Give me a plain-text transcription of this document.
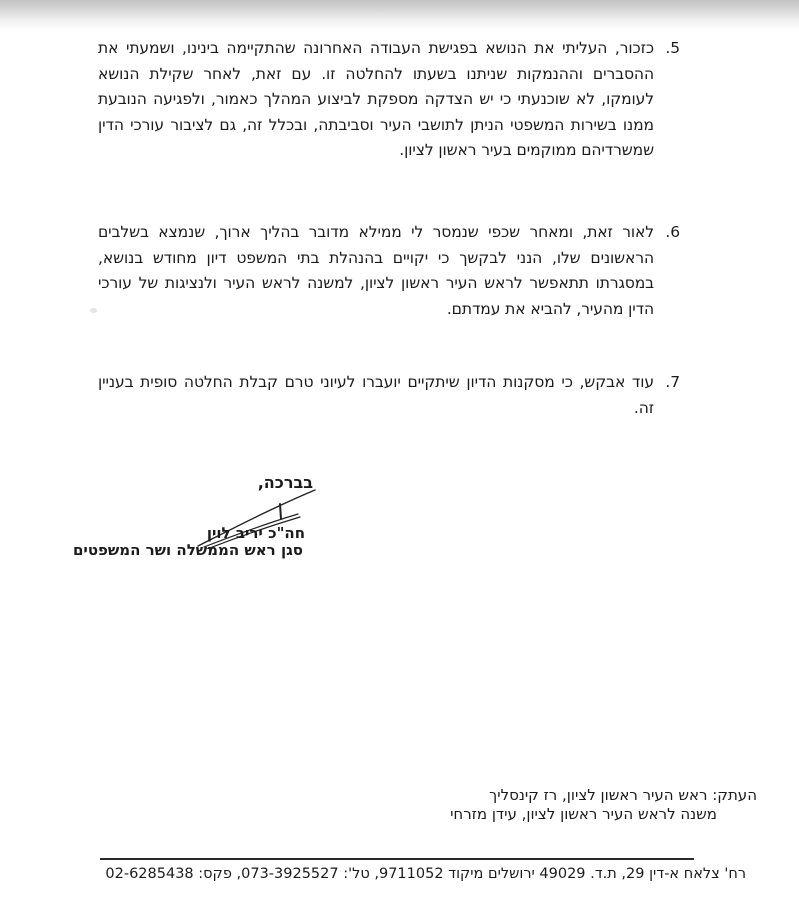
5.
כזכור, העליתי את הנושא בפגישת העבודה האחרונה שהתקיימה בינינו, ושמעתי את
ההסברים וההנמקות שניתנו בשעתו להחלטה זו. עם זאת, לאחר שקילת הנושא
לעומקו, לא שוכנעתי כי יש הצדקה מספקת לביצוע המהלך כאמור, ולפגיעה הנובעת
ממנו בשירות המשפטי הניתן לתושבי העיר וסביבתה, ובכלל זה, גם לציבור עורכי הדין
שמשרדיהם ממוקמים בעיר ראשון לציון.
6.
לאור זאת, ומאחר שכפי שנמסר לי ממילא מדובר בהליך ארוך, שנמצא בשלבים
הראשונים שלו, הנני לבקשך כי יקויים בהנהלת בתי המשפט דיון מחודש בנושא,
במסגרתו תתאפשר לראש העיר ראשון לציון, למשנה לראש העיר ולנציגות של עורכי
הדין מהעיר, להביא את עמדתם.
7.
עוד אבקש, כי מסקנות הדיון שיתקיים יועברו לעיוני טרם קבלת החלטה סופית בעניין
זה.
בברכה,
חה"כ יריב לוין
סגן ראש הממשלה ושר המשפטים
העתק: ראש העיר ראשון לציון, רז קינסליך
משנה לראש העיר ראשון לציון, עידן מזרחי
רח' צלאח א-דין 29, ת.ד. 49029 ירושלים מיקוד 9711052, טל': ‎073-3925527‎, פקס: ‎02-6285438‎
